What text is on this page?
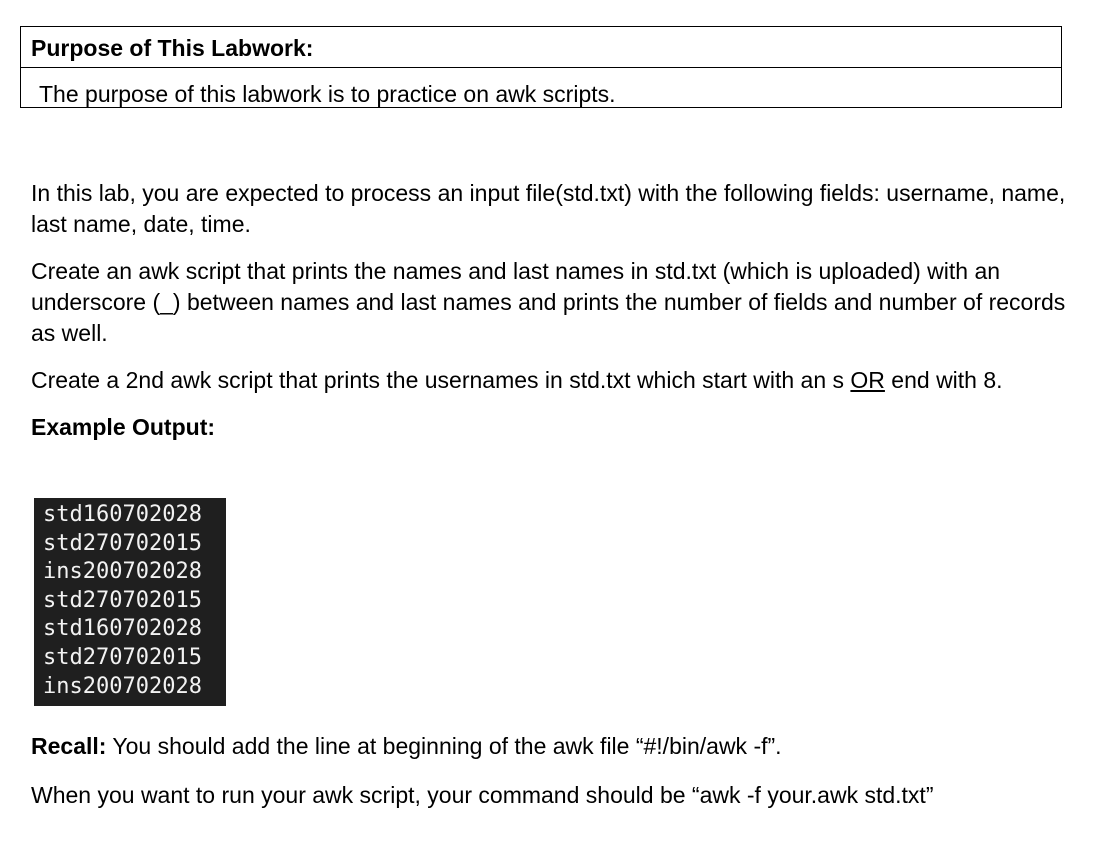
Purpose of This Labwork:
The purpose of this labwork is to practice on awk scripts.

In this lab, you are expected to process an input file(std.txt) with the following fields: username, name, last name, date, time.

Create an awk script that prints the names and last names in std.txt (which is uploaded) with an underscore (_) between names and last names and prints the number of fields and number of records as well.

Create a 2nd awk script that prints the usernames in std.txt which start with an s OR end with 8.

Example Output:

std160702028
std270702015
ins200702028
std270702015
std160702028
std270702015
ins200702028

Recall: You should add the line at beginning of the awk file “#!/bin/awk -f”.

When you want to run your awk script, your command should be “awk -f your.awk std.txt”
